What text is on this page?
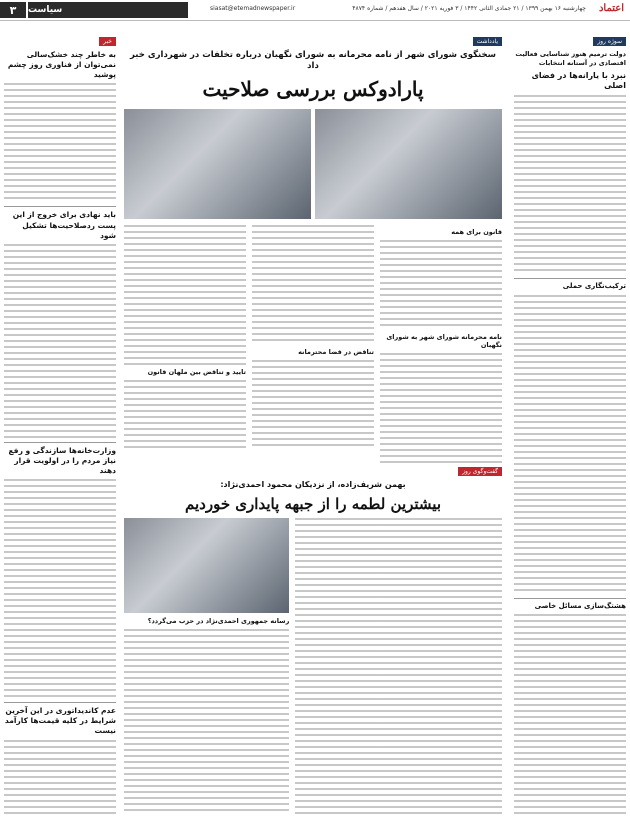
اعتماد
چهارشنبه ۱۶ بهمن ۱۳۹۹ / ۲۱ جمادی الثانی ۱۴۴۲ / ۳ فوریه ۲۰۲۱ / سال هفدهم / شماره ۴۸۷۴
siasat@etemadnewspaper.ir
سیاست
۳
سوژه روز
دولت ترمیم هنوز شناسایی فعالیت اقتصادی در آستانه انتخابات
نبرد با یارانه‌ها در فضای اصلی
ترکیب‌نگاری حملی
هشتگ‌سازی مسائل خاصی
خبر
به خاطر چند خشک‌سالی نمی‌توان از فناوری روز چشم پوشید
باید نهادی برای خروج از این پست ردصلاحیت‌ها تشکیل شود
وزارت‌خانه‌ها سازندگی و رفع نیاز مردم را در اولویت قرار دهند
عدم کاندیداتوری در این آخرین شرایط در کلیه قیمت‌ها کارآمد نیست
یادداشت
سخنگوی شورای شهر از نامه محرمانه به شورای نگهبان درباره تخلفات در شهرداری خبر داد
پارادوکس بررسی صلاحیت
قانون برای همه
نامه محرمانه شورای شهر به شورای نگهبان
تناقض در قضا محترمانه
تایید و تناقض بین ملهان قانون
گفت‌وگوی روز
بهمن شریف‌زاده، از نزدیکان محمود احمدی‌نژاد:
بیشترین لطمه را از جبهه پایداری خوردیم
رسانه جمهوری احمدی‌نژاد در حزب می‌گردد؟
